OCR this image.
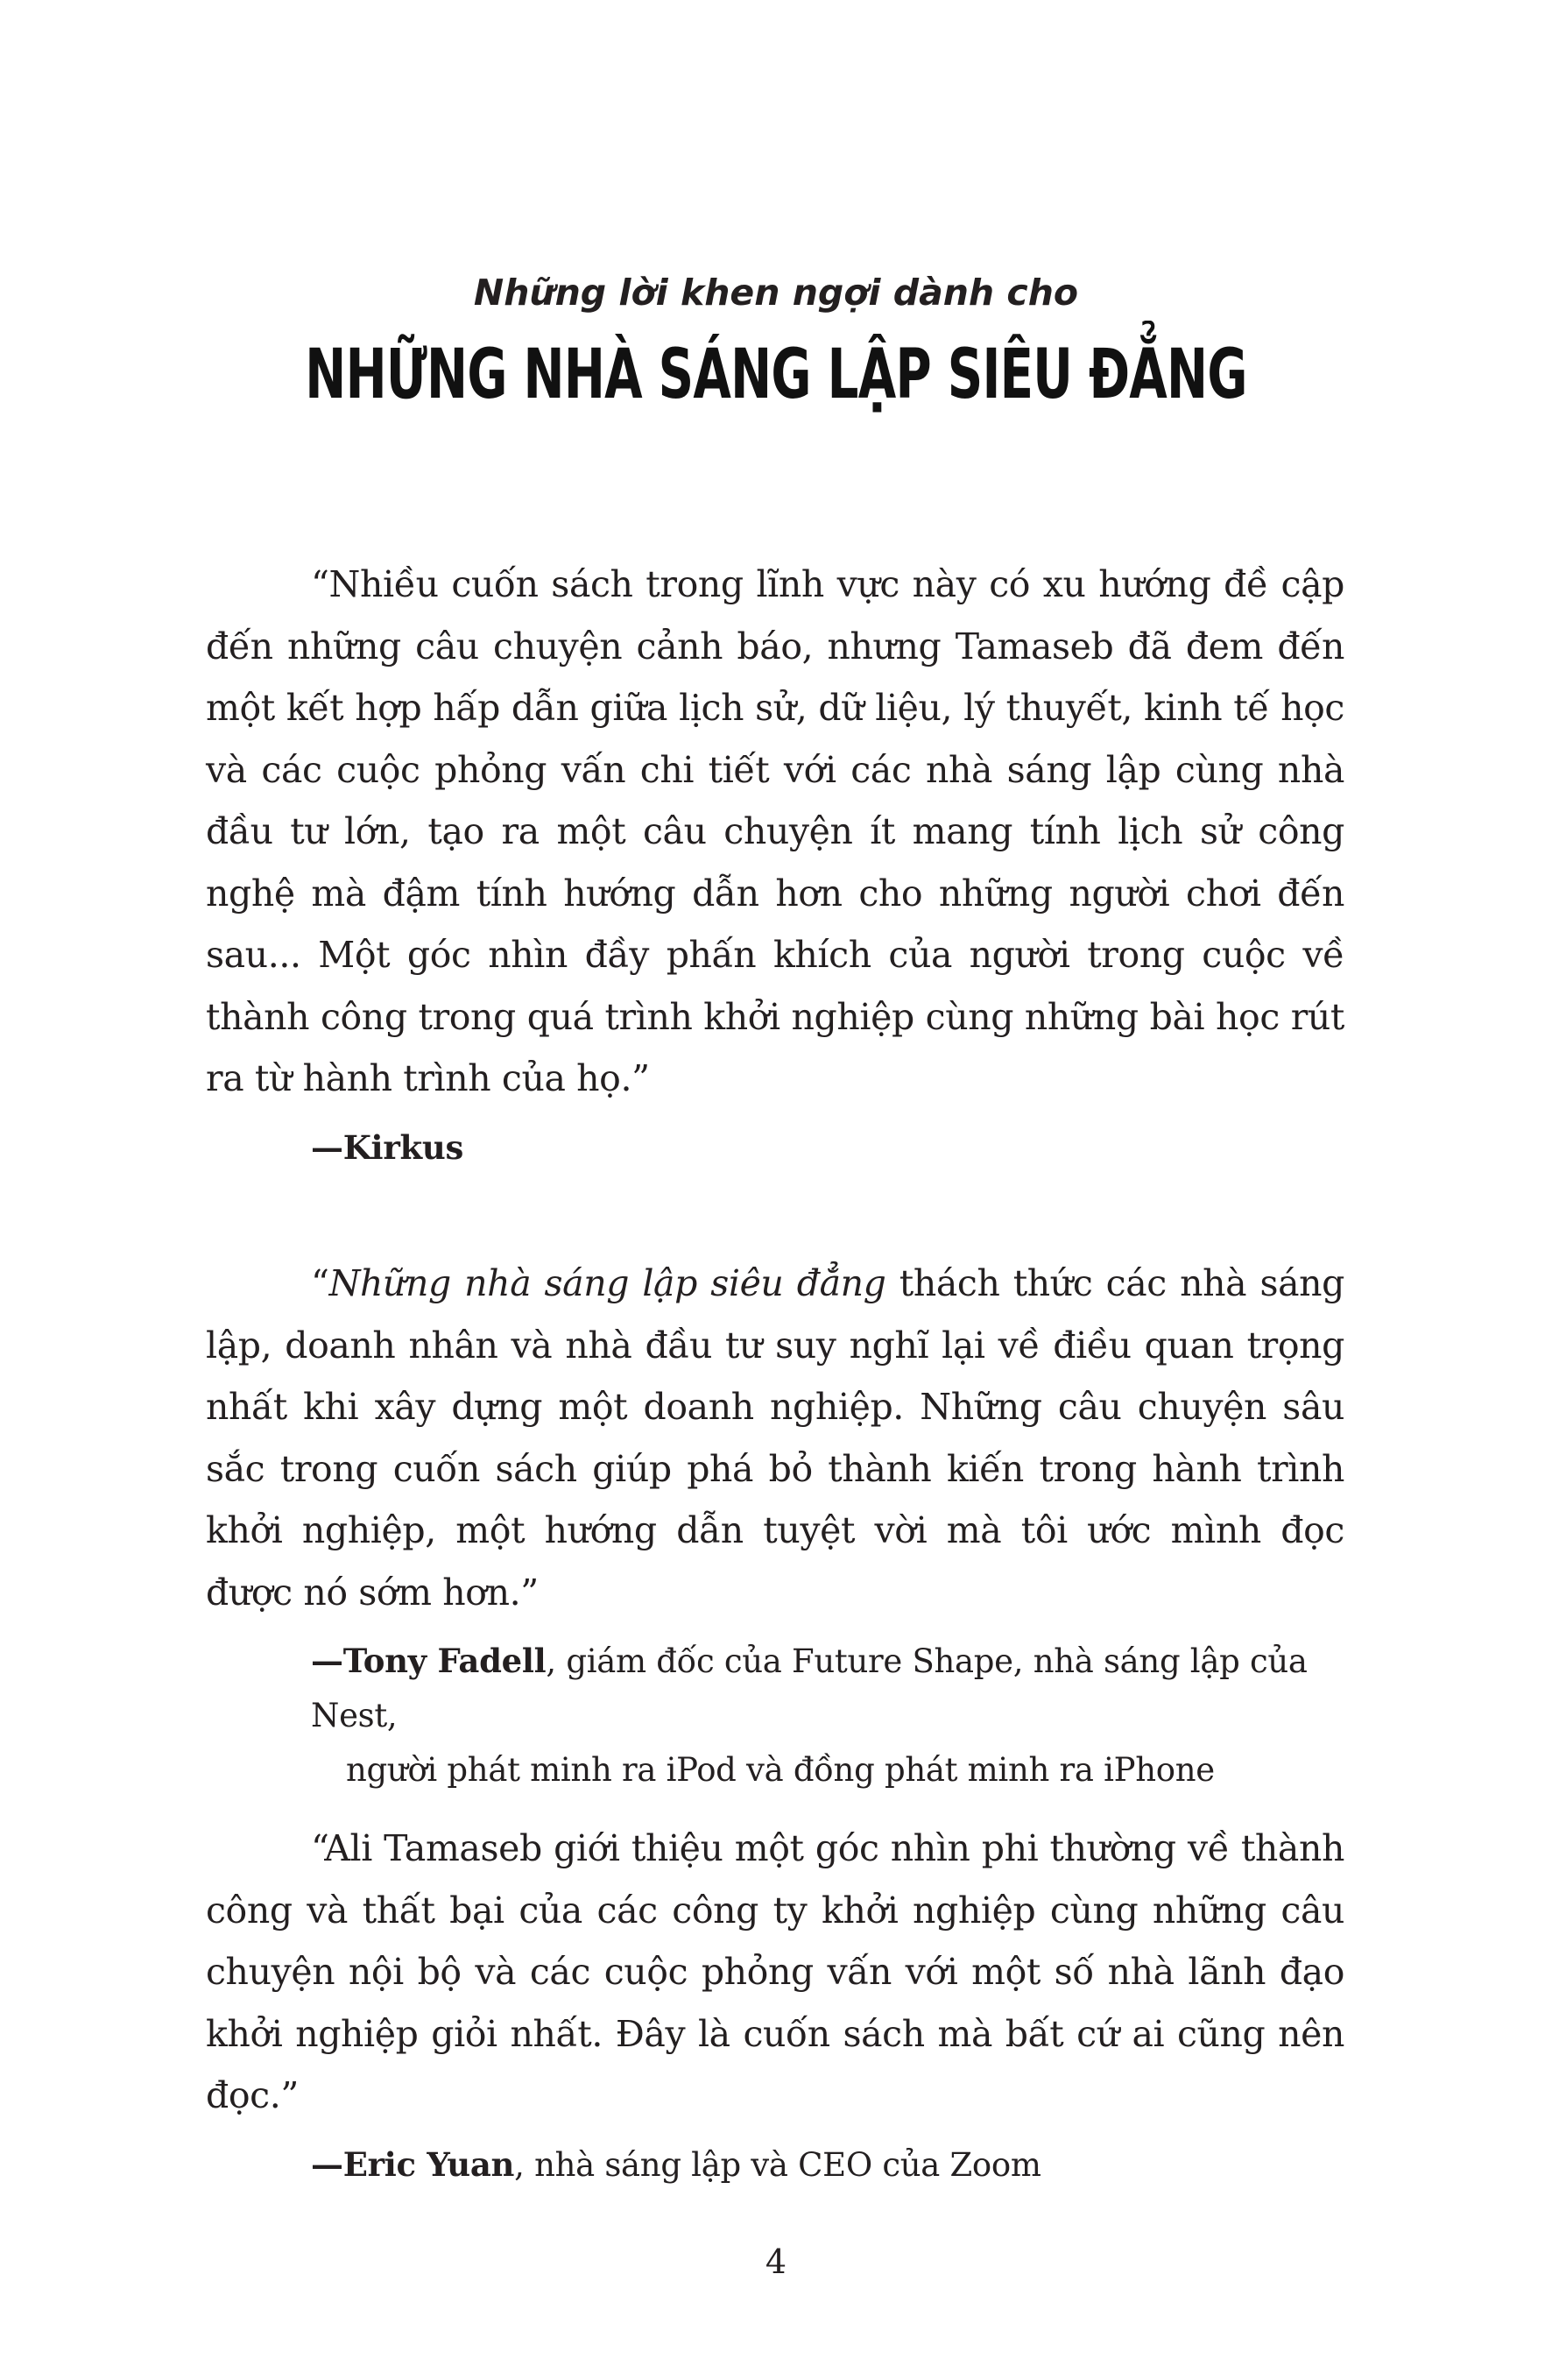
Những lời khen ngợi dành cho
NHỮNG NHÀ SÁNG LẬP SIÊU ĐẲNG

“Nhiều cuốn sách trong lĩnh vực này có xu hướng đề cập đến những câu chuyện cảnh báo, nhưng Tamaseb đã đem đến một kết hợp hấp dẫn giữa lịch sử, dữ liệu, lý thuyết, kinh tế học và các cuộc phỏng vấn chi tiết với các nhà sáng lập cùng nhà đầu tư lớn, tạo ra một câu chuyện ít mang tính lịch sử công nghệ mà đậm tính hướng dẫn hơn cho những người chơi đến sau... Một góc nhìn đầy phấn khích của người trong cuộc về thành công trong quá trình khởi nghiệp cùng những bài học rút ra từ hành trình của họ.”

—Kirkus

“Những nhà sáng lập siêu đẳng thách thức các nhà sáng lập, doanh nhân và nhà đầu tư suy nghĩ lại về điều quan trọng nhất khi xây dựng một doanh nghiệp. Những câu chuyện sâu sắc trong cuốn sách giúp phá bỏ thành kiến trong hành trình khởi nghiệp, một hướng dẫn tuyệt vời mà tôi ước mình đọc được nó sớm hơn.”

—Tony Fadell, giám đốc của Future Shape, nhà sáng lập của Nest,
người phát minh ra iPod và đồng phát minh ra iPhone

“Ali Tamaseb giới thiệu một góc nhìn phi thường về thành công và thất bại của các công ty khởi nghiệp cùng những câu chuyện nội bộ và các cuộc phỏng vấn với một số nhà lãnh đạo khởi nghiệp giỏi nhất. Đây là cuốn sách mà bất cứ ai cũng nên đọc.”

—Eric Yuan, nhà sáng lập và CEO của Zoom
4
